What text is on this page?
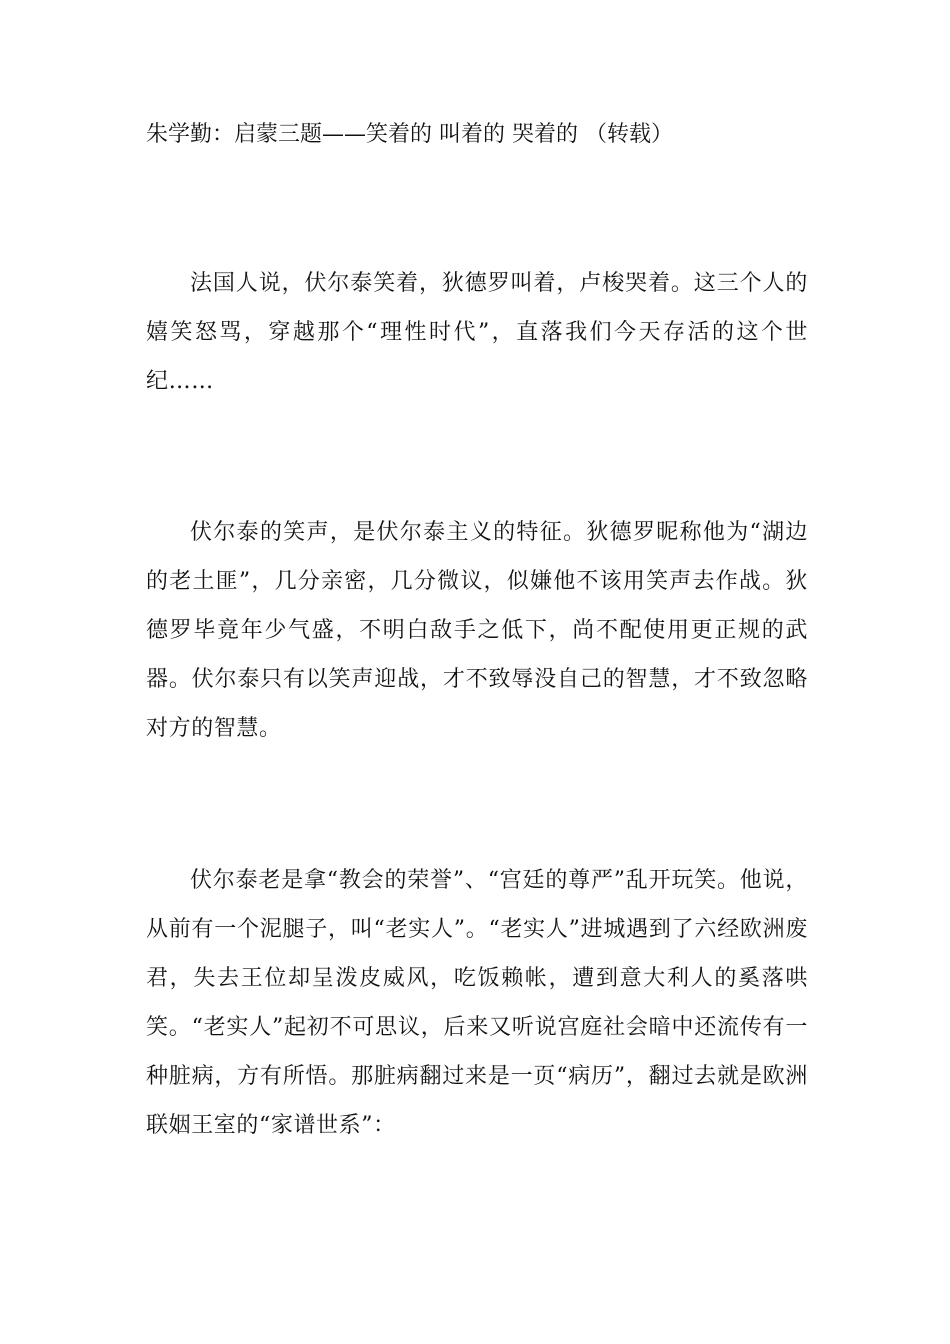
朱学勤：启蒙三题——笑着的 叫着的 哭着的 （转载）

法国人说，伏尔泰笑着，狄德罗叫着，卢梭哭着。这三个人的嬉笑怒骂，穿越那个“理性时代”，直落我们今天存活的这个世纪……

伏尔泰的笑声，是伏尔泰主义的特征。狄德罗昵称他为“湖边的老土匪”，几分亲密，几分微议，似嫌他不该用笑声去作战。狄德罗毕竟年少气盛，不明白敌手之低下，尚不配使用更正规的武器。伏尔泰只有以笑声迎战，才不致辱没自己的智慧，才不致忽略对方的智慧。

伏尔泰老是拿“教会的荣誉”、“宫廷的尊严”乱开玩笑。他说，从前有一个泥腿子，叫“老实人”。“老实人”进城遇到了六经欧洲废君，失去王位却呈泼皮威风，吃饭赖帐，遭到意大利人的奚落哄笑。“老实人”起初不可思议，后来又听说宫庭社会暗中还流传有一种脏病，方有所悟。那脏病翻过来是一页“病历”，翻过去就是欧洲联姻王室的“家谱世系”：
